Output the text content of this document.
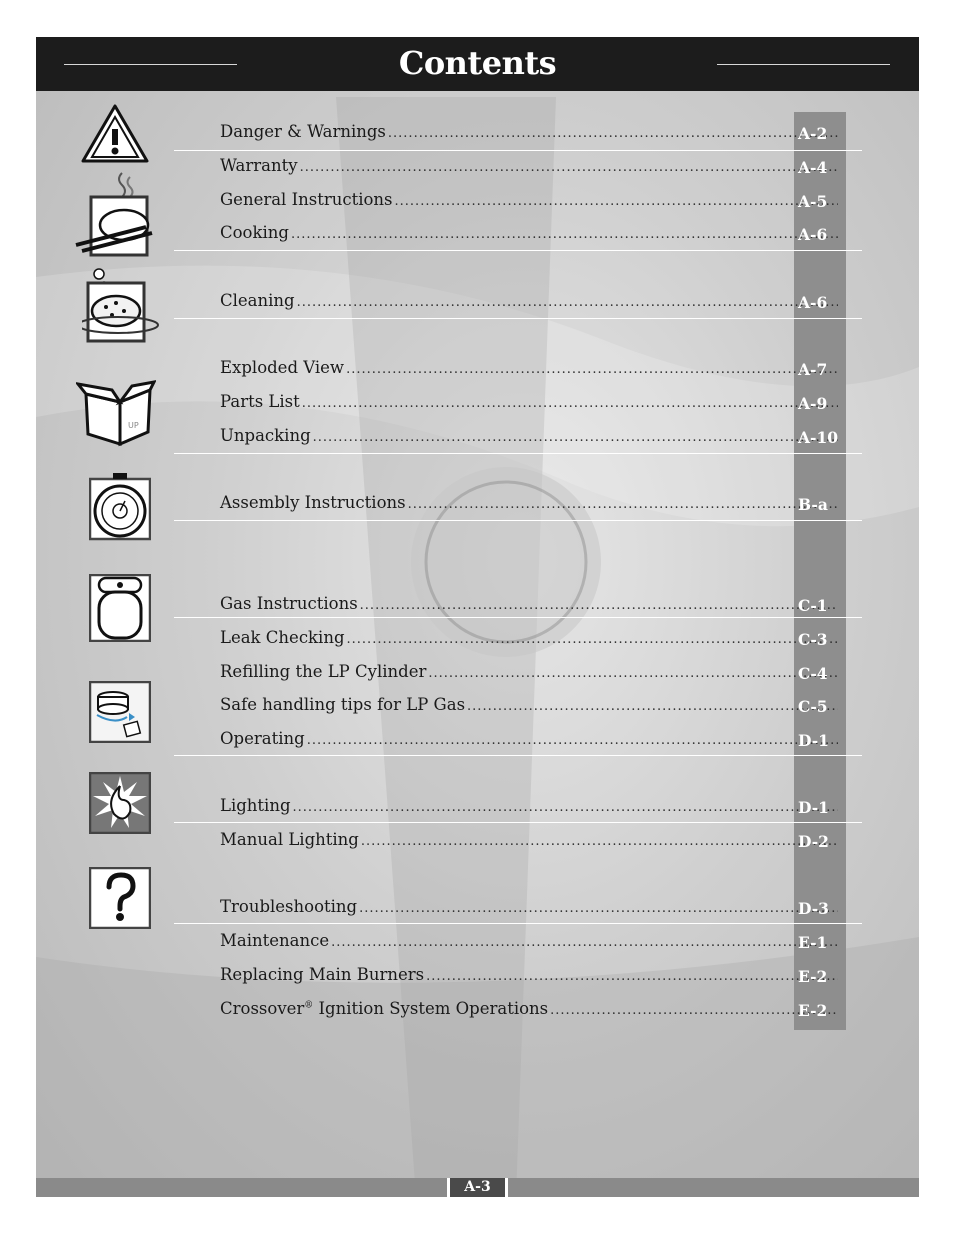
Contents
Danger & Warnings .....	A-2
Warranty .....	A-4
General Instructions .....	A-5
Cooking .....	A-6
Cleaning .....	A-6
Exploded View .....	A-7
Parts List .....	A-9
Unpacking .....	A-10
Assembly Instructions .....	B-a
Gas Instructions .....	C-1
Leak Checking .....	C-3
Refilling the LP Cylinder .....	C-4
Safe handling tips for LP Gas .....	C-5
Operating .....	D-1
Lighting .....	D-1
Manual Lighting .....	D-2
Troubleshooting .....	D-3
Maintenance .....	E-1
Replacing Main Burners .....	E-2
Crossover® Ignition System Operations .....	E-2
UP
A-3
